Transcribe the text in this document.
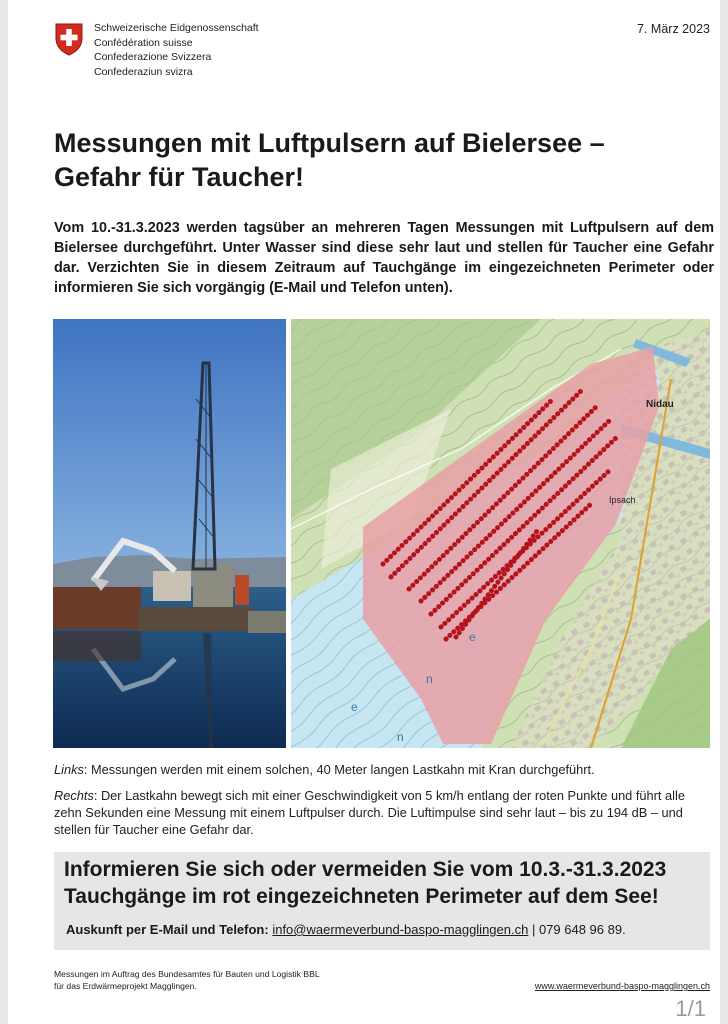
Schweizerische Eidgenossenschaft
Confédération suisse
Confederazione Svizzera
Confederaziun svizra
7. März 2023
Messungen mit Luftpulsern auf Bielersee –
Gefahr für Taucher!
Vom 10.-31.3.2023 werden tagsüber an mehreren Tagen Messungen mit Luftpulsern auf dem Bielersee durchgeführt. Unter Wasser sind diese sehr laut und stellen für Taucher eine Gefahr dar. Verzichten Sie in diesem Zeitraum auf Tauchgänge im eingezeichneten Perimeter oder informieren Sie sich vorgängig (E-Mail und Telefon unten).
Nidau
Ipsach
e
e
n
n
Links: Messungen werden mit einem solchen, 40 Meter langen Lastkahn mit Kran durchgeführt.
Rechts: Der Lastkahn bewegt sich mit einer Geschwindigkeit von 5 km/h entlang der roten Punkte und führt alle zehn Sekunden eine Messung mit einem Luftpulser durch. Die Luftimpulse sind sehr laut – bis zu 194 dB – und stellen für Taucher eine Gefahr dar.
Informieren Sie sich oder vermeiden Sie vom 10.3.-31.3.2023
Tauchgänge im rot eingezeichneten Perimeter auf dem See!
Auskunft per E-Mail und Telefon: info@waermeverbund-baspo-magglingen.ch | 079 648 96 89.
Messungen im Auftrag des Bundesamtes für Bauten und Logistik BBL
für das Erdwärmeprojekt Magglingen.	www.waermeverbund-baspo-magglingen.ch
1/1
